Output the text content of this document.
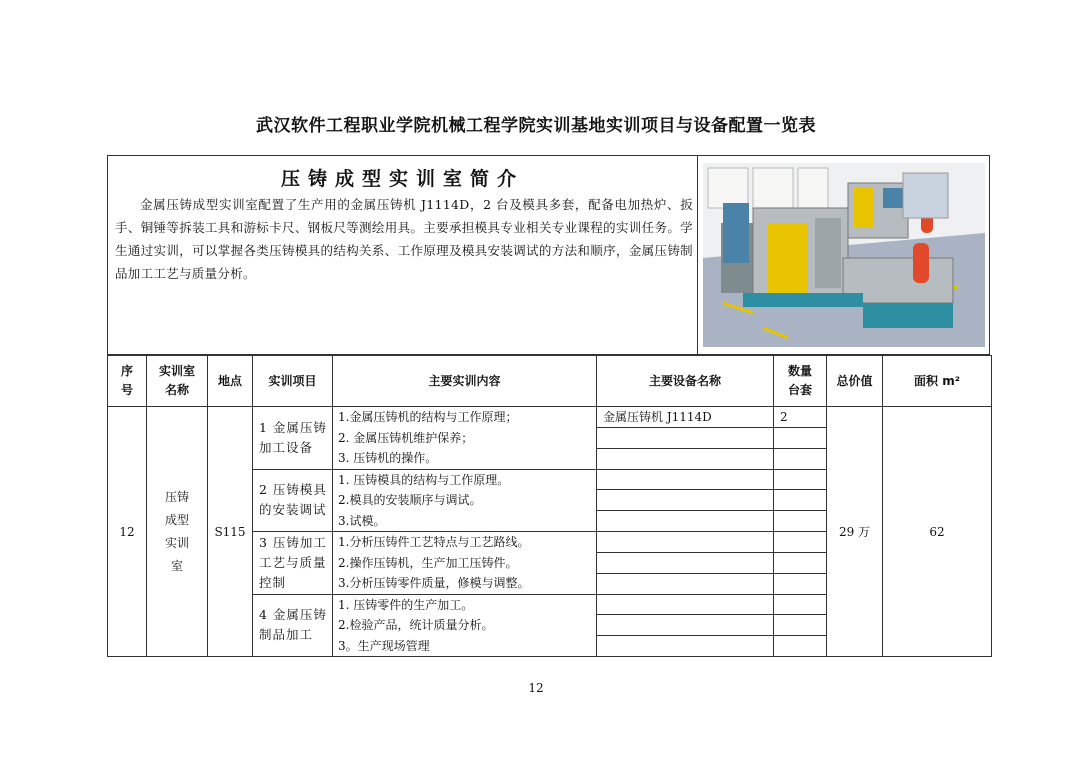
武汉软件工程职业学院机械工程学院实训基地实训项目与设备配置一览表
压铸成型实训室简介
金属压铸成型实训室配置了生产用的金属压铸机 J1114D，2 台及模具多套，配备电加热炉、扳手、铜锤等拆装工具和游标卡尺、钢板尺等测绘用具。主要承担模具专业相关专业课程的实训任务。学生通过实训，可以掌握各类压铸模具的结构关系、工作原理及模具安装调试的方法和顺序，金属压铸制品加工工艺与质量分析。
序号	实训室名称	地点	实训项目	主要实训内容	主要设备名称	数量台套	总价值	面积 m²
12	压铸成型实训室	S115	1 金属压铸加工设备	1.金属压铸机的结构与工作原理；
2. 金属压铸机维护保养；
3. 压铸机的操作。	金属压铸机 J1114D	2	29 万	62

			2 压铸模具的安装调试	1. 压铸模具的结构与工作原理。
2.模具的安装顺序与调试。
3.试模。				

			3 压铸加工工艺与质量控制	1.分析压铸件工艺特点与工艺路线。
2.操作压铸机，生产加工压铸件。
3.分析压铸零件质量，修模与调整。				

			4 金属压铸制品加工	1. 压铸零件的生产加工。
2.检验产品，统计质量分析。
3。生产现场管理				

12
